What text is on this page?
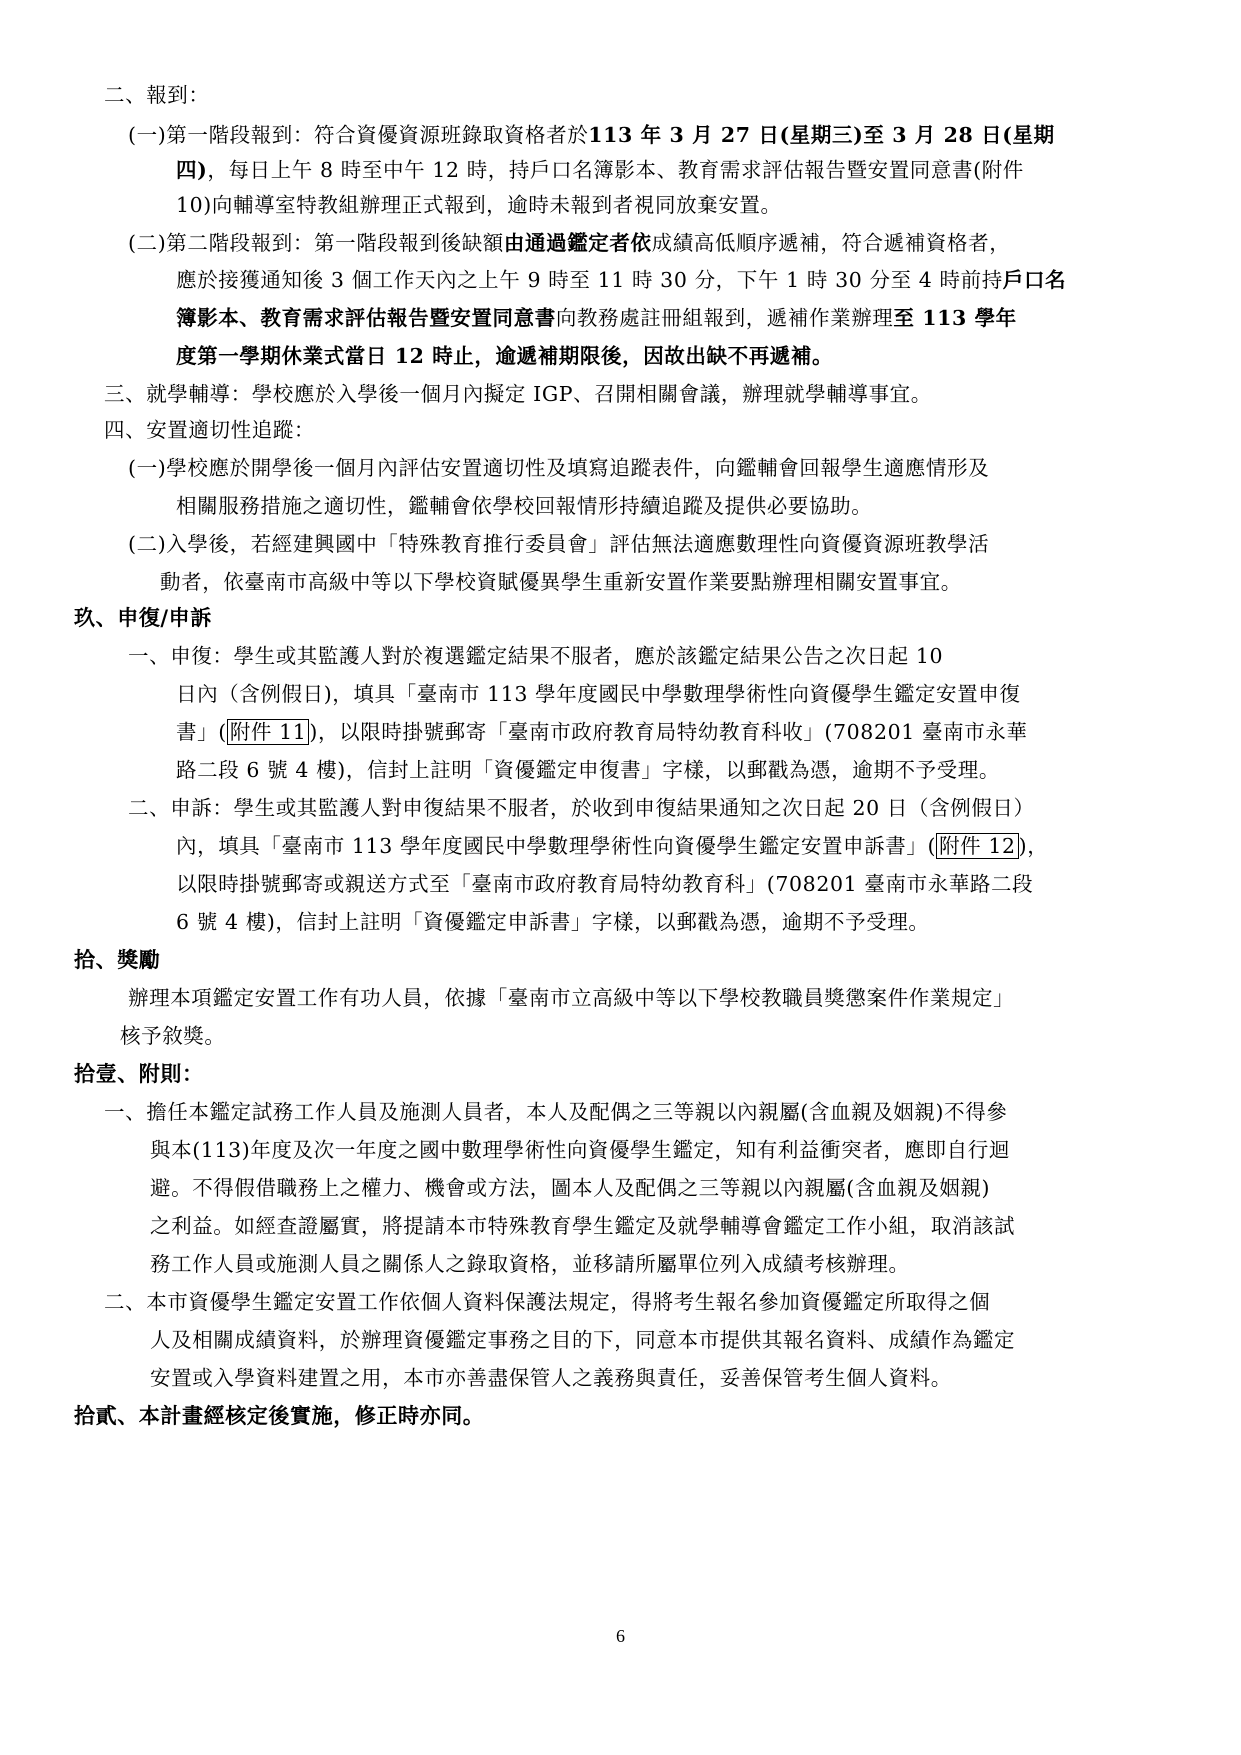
二、報到：
(一)第一階段報到：符合資優資源班錄取資格者於113 年 3 月 27 日(星期三)至 3 月 28 日(星期
四)，每日上午 8 時至中午 12 時，持戶口名簿影本、教育需求評估報告暨安置同意書(附件
10)向輔導室特教組辦理正式報到，逾時未報到者視同放棄安置。
(二)第二階段報到：第一階段報到後缺額由通過鑑定者依成績高低順序遞補，符合遞補資格者，
應於接獲通知後 3 個工作天內之上午 9 時至 11 時 30 分，下午 1 時 30 分至 4 時前持戶口名
簿影本、教育需求評估報告暨安置同意書向教務處註冊組報到，遞補作業辦理至 113 學年
度第一學期休業式當日 12 時止，逾遞補期限後，因故出缺不再遞補。
三、就學輔導：學校應於入學後一個月內擬定 IGP、召開相關會議，辦理就學輔導事宜。
四、安置適切性追蹤：
(一)學校應於開學後一個月內評估安置適切性及填寫追蹤表件，向鑑輔會回報學生適應情形及
相關服務措施之適切性，鑑輔會依學校回報情形持續追蹤及提供必要協助。
(二)入學後，若經建興國中「特殊教育推行委員會」評估無法適應數理性向資優資源班教學活
動者，依臺南市高級中等以下學校資賦優異學生重新安置作業要點辦理相關安置事宜。
玖、申復/申訴
一、申復：學生或其監護人對於複選鑑定結果不服者，應於該鑑定結果公告之次日起 10
日內（含例假日)，填具「臺南市 113 學年度國民中學數理學術性向資優學生鑑定安置申復
書」( 附件 11 )，以限時掛號郵寄「臺南市政府教育局特幼教育科收」(708201 臺南市永華
路二段 6 號 4 樓)，信封上註明「資優鑑定申復書」字樣，以郵戳為憑，逾期不予受理。
二、申訴：學生或其監護人對申復結果不服者，於收到申復結果通知之次日起 20 日（含例假日）
內，填具「臺南市 113 學年度國民中學數理學術性向資優學生鑑定安置申訴書」( 附件 12 )，
以限時掛號郵寄或親送方式至「臺南市政府教育局特幼教育科」(708201 臺南市永華路二段
6 號 4 樓)，信封上註明「資優鑑定申訴書」字樣，以郵戳為憑，逾期不予受理。
拾、獎勵
辦理本項鑑定安置工作有功人員，依據「臺南市立高級中等以下學校教職員獎懲案件作業規定」
核予敘獎。
拾壹、附則：
一、擔任本鑑定試務工作人員及施測人員者，本人及配偶之三等親以內親屬(含血親及姻親)不得參
與本(113)年度及次一年度之國中數理學術性向資優學生鑑定，知有利益衝突者，應即自行迴
避。不得假借職務上之權力、機會或方法，圖本人及配偶之三等親以內親屬(含血親及姻親)
之利益。如經查證屬實，將提請本市特殊教育學生鑑定及就學輔導會鑑定工作小組，取消該試
務工作人員或施測人員之關係人之錄取資格，並移請所屬單位列入成績考核辦理。
二、本市資優學生鑑定安置工作依個人資料保護法規定，得將考生報名參加資優鑑定所取得之個
人及相關成績資料，於辦理資優鑑定事務之目的下，同意本市提供其報名資料、成績作為鑑定
安置或入學資料建置之用，本市亦善盡保管人之義務與責任，妥善保管考生個人資料。
拾貳、本計畫經核定後實施，修正時亦同。
6
